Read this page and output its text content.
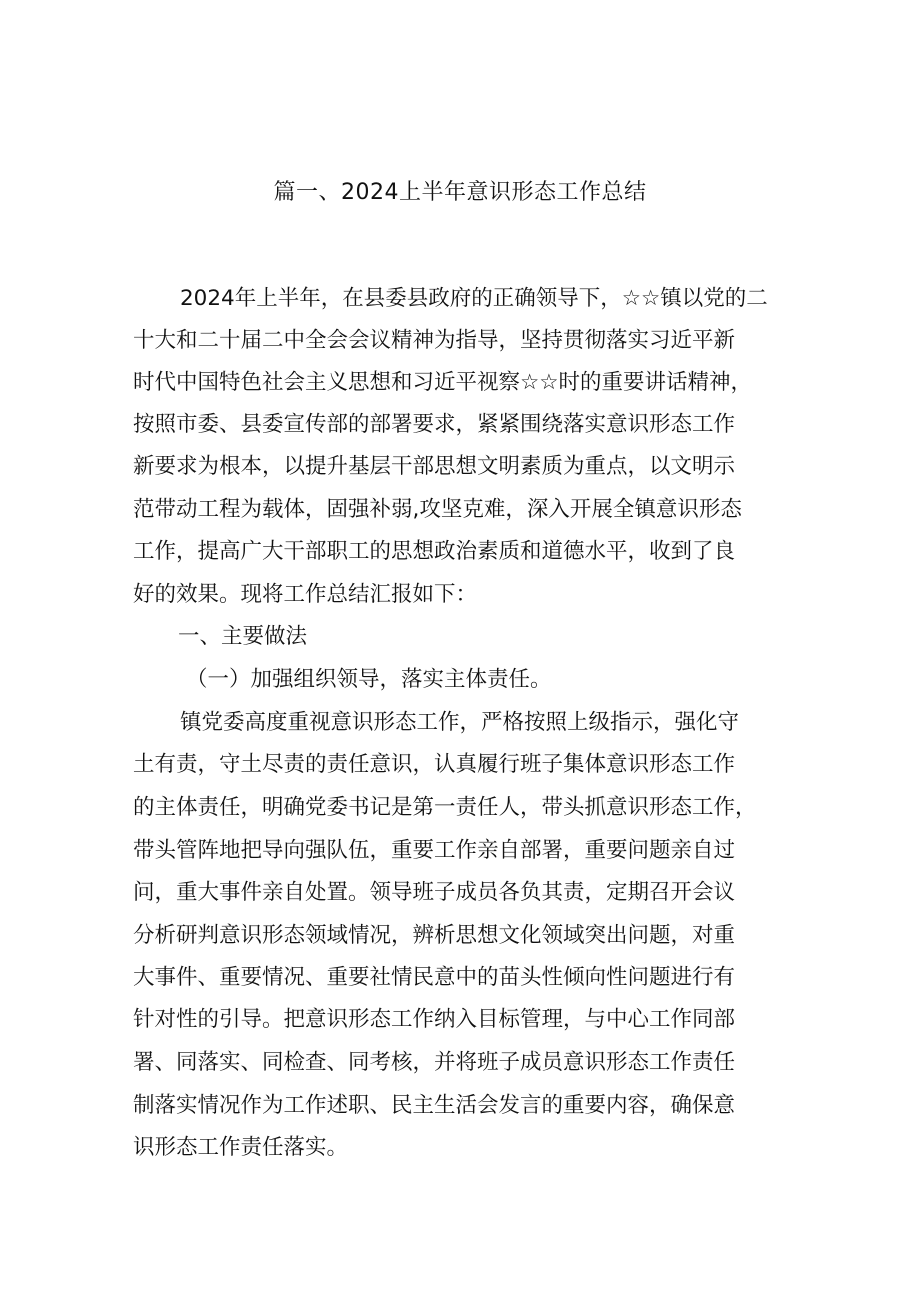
篇一、2024上半年意识形态工作总结
2024年上半年，在县委县政府的正确领导下，☆☆镇以党的二
十大和二十届二中全会会议精神为指导，坚持贯彻落实习近平新
时代中国特色社会主义思想和习近平视察☆☆时的重要讲话精神，
按照市委、县委宣传部的部署要求，紧紧围绕落实意识形态工作
新要求为根本，以提升基层干部思想文明素质为重点，以文明示
范带动工程为载体，固强补弱,攻坚克难，深入开展全镇意识形态
工作，提高广大干部职工的思想政治素质和道德水平，收到了良
好的效果。现将工作总结汇报如下：
一、主要做法
（一）加强组织领导，落实主体责任。
镇党委高度重视意识形态工作，严格按照上级指示，强化守
土有责，守土尽责的责任意识，认真履行班子集体意识形态工作
的主体责任，明确党委书记是第一责任人，带头抓意识形态工作，
带头管阵地把导向强队伍，重要工作亲自部署，重要问题亲自过
问，重大事件亲自处置。领导班子成员各负其责，定期召开会议
分析研判意识形态领域情况，辨析思想文化领域突出问题，对重
大事件、重要情况、重要社情民意中的苗头性倾向性问题进行有
针对性的引导。把意识形态工作纳入目标管理，与中心工作同部
署、同落实、同检查、同考核，并将班子成员意识形态工作责任
制落实情况作为工作述职、民主生活会发言的重要内容，确保意
识形态工作责任落实。
